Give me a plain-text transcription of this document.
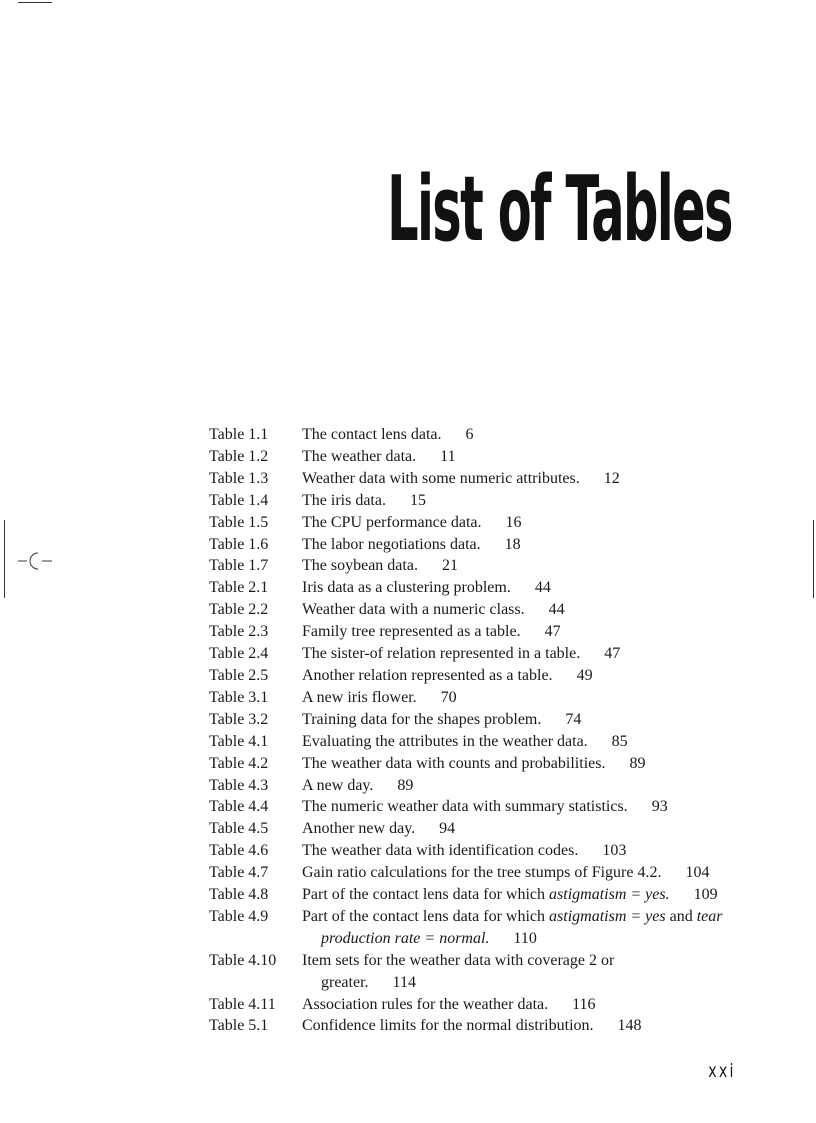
List of Tables
Table 1.1	The contact lens data. 6
Table 1.2	The weather data. 11
Table 1.3	Weather data with some numeric attributes. 12
Table 1.4	The iris data. 15
Table 1.5	The CPU performance data. 16
Table 1.6	The labor negotiations data. 18
Table 1.7	The soybean data. 21
Table 2.1	Iris data as a clustering problem. 44
Table 2.2	Weather data with a numeric class. 44
Table 2.3	Family tree represented as a table. 47
Table 2.4	The sister-of relation represented in a table. 47
Table 2.5	Another relation represented as a table. 49
Table 3.1	A new iris flower. 70
Table 3.2	Training data for the shapes problem. 74
Table 4.1	Evaluating the attributes in the weather data. 85
Table 4.2	The weather data with counts and probabilities. 89
Table 4.3	A new day. 89
Table 4.4	The numeric weather data with summary statistics. 93
Table 4.5	Another new day. 94
Table 4.6	The weather data with identification codes. 103
Table 4.7	Gain ratio calculations for the tree stumps of Figure 4.2. 104
Table 4.8	Part of the contact lens data for which astigmatism = yes. 109
Table 4.9	Part of the contact lens data for which astigmatism = yes and tear production rate = normal. 110
Table 4.10	Item sets for the weather data with coverage 2 or greater. 114
Table 4.11	Association rules for the weather data. 116
Table 5.1	Confidence limits for the normal distribution. 148
xxi
